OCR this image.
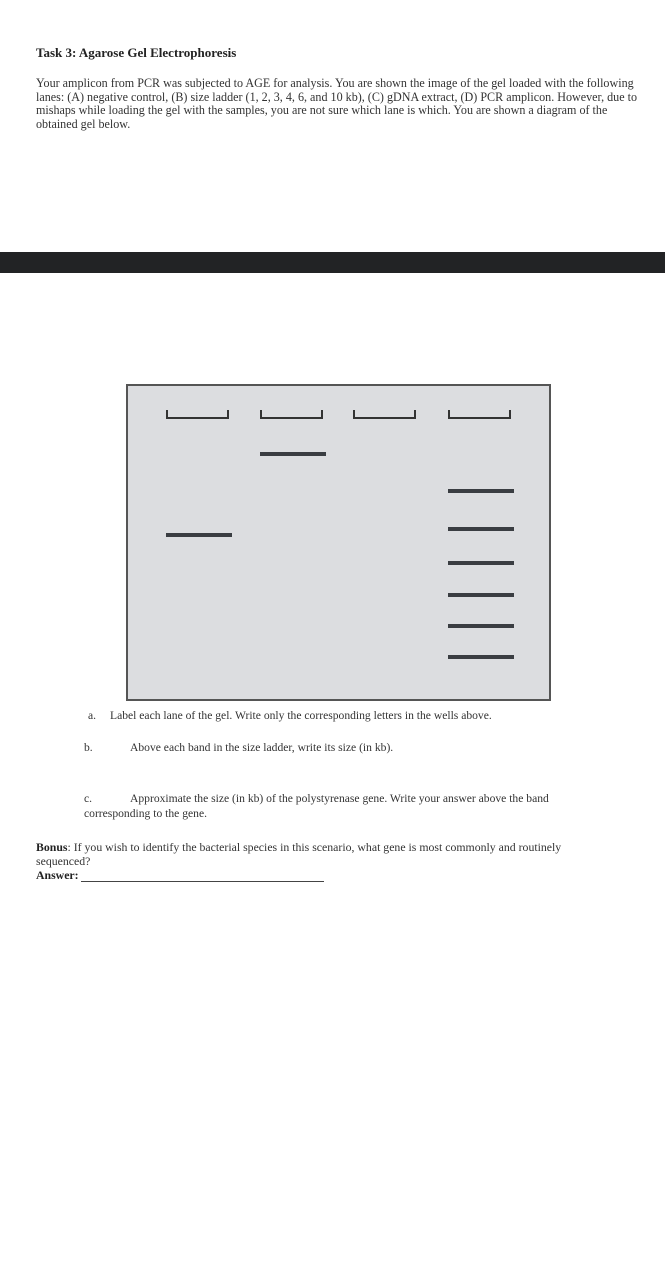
Task 3: Agarose Gel Electrophoresis
Your amplicon from PCR was subjected to AGE for analysis. You are shown the image of the gel loaded with the following lanes: (A) negative control, (B) size ladder (1, 2, 3, 4, 6, and 10 kb), (C) gDNA extract, (D) PCR amplicon. However, due to mishaps while loading the gel with the samples, you are not sure which lane is which. You are shown a diagram of the obtained gel below.
a. Label each lane of the gel. Write only the corresponding letters in the wells above.
b.	Above each band in the size ladder, write its size (in kb).
c.	Approximate the size (in kb) of the polystyrenase gene. Write your answer above the band
corresponding to the gene.
Bonus: If you wish to identify the bacterial species in this scenario, what gene is most commonly and routinely sequenced?
Answer:
